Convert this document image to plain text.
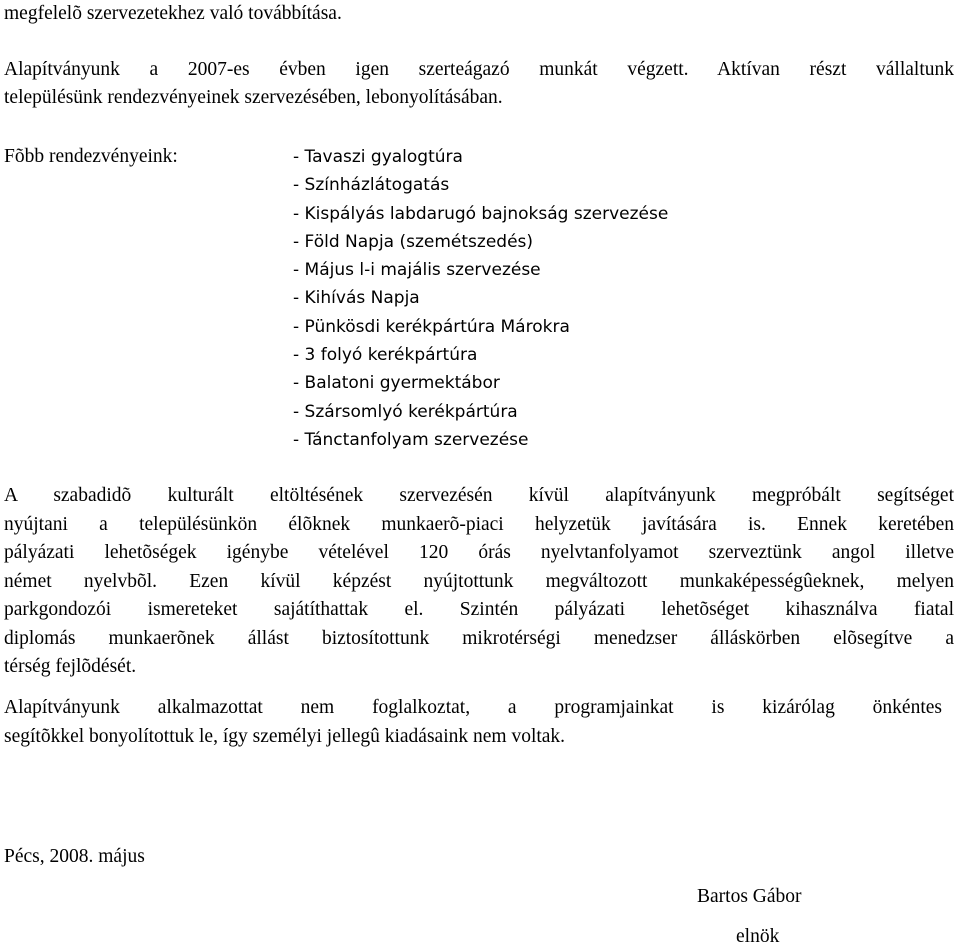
megfelelõ szervezetekhez való továbbítása.
Alapítványunk a 2007-es évben igen szerteágazó munkát végzett. Aktívan részt vállaltunk
településünk rendezvényeinek szervezésében, lebonyolításában.
Fõbb rendezvényeink:	- Tavaszi gyalogtúra
- Színházlátogatás
- Kispályás labdarugó bajnokság szervezése
- Föld Napja (szemétszedés)
- Május l-i majális szervezése
- Kihívás Napja
- Pünkösdi kerékpártúra Márokra
- 3 folyó kerékpártúra
- Balatoni gyermektábor
- Szársomlyó kerékpártúra
- Tánctanfolyam szervezése
A szabadidõ kulturált eltöltésének szervezésén kívül alapítványunk megpróbált segítséget
nyújtani a településünkön élõknek munkaerõ-piaci helyzetük javítására is. Ennek keretében
pályázati lehetõségek igénybe vételével 120 órás nyelvtanfolyamot szerveztünk angol illetve
német nyelvbõl. Ezen kívül képzést nyújtottunk megváltozott munkaképességûeknek, melyen
parkgondozói ismereteket sajátíthattak el. Szintén pályázati lehetõséget kihasználva fiatal
diplomás munkaerõnek állást biztosítottunk mikrotérségi menedzser álláskörben elõsegítve a
térség fejlõdését.
Alapítványunk alkalmazottat nem foglalkoztat, a programjainkat is kizárólag önkéntes
segítõkkel bonyolítottuk le, így személyi jellegû kiadásaink nem voltak.
Pécs, 2008. május
Bartos Gábor
elnök
